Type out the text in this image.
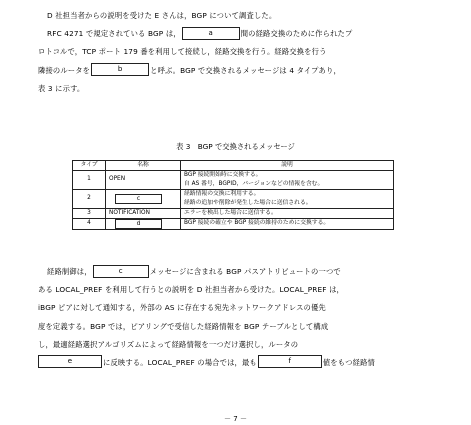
D 社担当者からの説明を受けた E さんは，BGP について調査した。
RFC 4271 で規定されている BGP は，	a	間の経路交換のために作られたプ
ロトコルで，TCP ポート 179 番を利用して接続し，経路交換を行う。経路交換を行う
隣接のルータを	b	と呼ぶ。BGP で交換されるメッセージは 4 タイプあり，
表 3 に示す。
表 3　BGP で交換されるメッセージ
タイプ	名称	説明
1	OPEN	BGP 接続開始時に交換する。
自 AS 番号，BGPID，バージョンなどの情報を含む。

2	c	経路情報の交換に利用する。
経路の追加や削除が発生した場合に送信される。

3	NOTIFICATION	エラーを検出した場合に送信する。
4	d	BGP 接続の確立や BGP 接続の維持のために交換する。
経路制御は，	c	メッセージに含まれる BGP パスアトリビュートの一つで
ある LOCAL_PREF を利用して行うとの説明を D 社担当者から受けた。LOCAL_PREF は，
iBGP ピアに対して通知する，外部の AS に存在する宛先ネットワークアドレスの優先
度を定義する。BGP では，ピアリングで受信した経路情報を BGP テーブルとして構成
し，最適経路選択アルゴリズムによって経路情報を一つだけ選択し，ルータの
e	に反映する。LOCAL_PREF の場合では，最も	f	値をもつ経路情
－ 7 －
